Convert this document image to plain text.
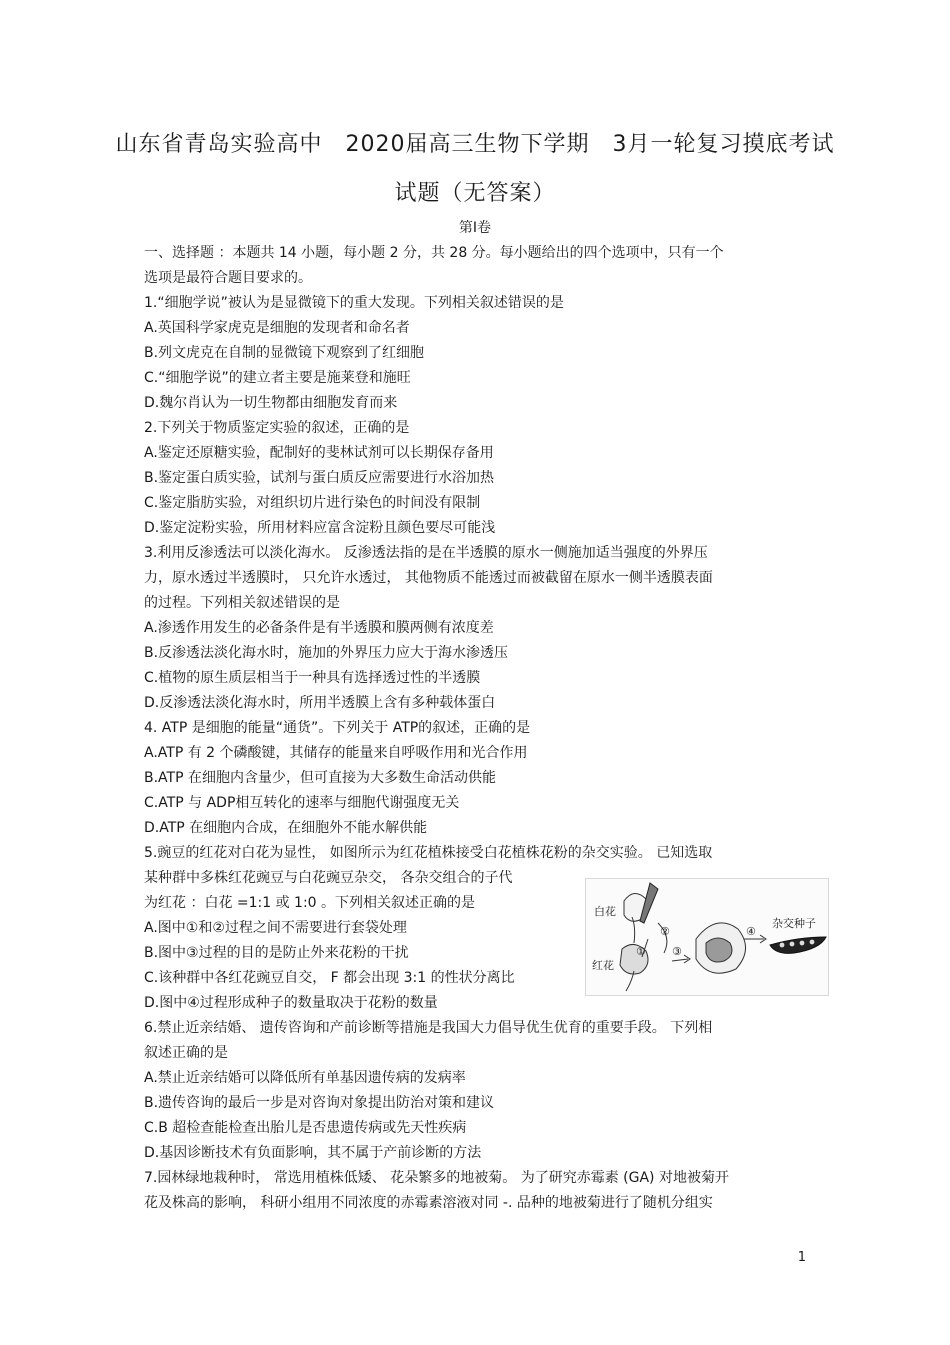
山东省青岛实验高中　2020届高三生物下学期　3月一轮复习摸底考试
试题（无答案）
第Ⅰ卷
一、选择题 ：本题共 14 小题，每小题 2 分，共 28 分。每小题给出的四个选项中，只有一个
选项是最符合题目要求的。
1.“细胞学说”被认为是显微镜下的重大发现。下列相关叙述错误的是
A.英国科学家虎克是细胞的发现者和命名者
B.列文虎克在自制的显微镜下观察到了红细胞
C.“细胞学说”的建立者主要是施莱登和施旺
D.魏尔肖认为一切生物都由细胞发育而来
2.下列关于物质鉴定实验的叙述，正确的是
A.鉴定还原糖实验，配制好的斐林试剂可以长期保存备用
B.鉴定蛋白质实验，试剂与蛋白质反应需要进行水浴加热
C.鉴定脂肪实验，对组织切片进行染色的时间没有限制
D.鉴定淀粉实验，所用材料应富含淀粉且颜色要尽可能浅
3.利用反渗透法可以淡化海水。 反渗透法指的是在半透膜的原水一侧施加适当强度的外界压
力，原水透过半透膜时， 只允许水透过， 其他物质不能透过而被截留在原水一侧半透膜表面
的过程。下列相关叙述错误的是
A.渗透作用发生的必备条件是有半透膜和膜两侧有浓度差
B.反渗透法淡化海水时，施加的外界压力应大于海水渗透压
C.植物的原生质层相当于一种具有选择透过性的半透膜
D.反渗透法淡化海水时，所用半透膜上含有多种载体蛋白
4. ATP 是细胞的能量“通货”。下列关于 ATP的叙述，正确的是
A.ATP 有 2 个磷酸键，其储存的能量来自呼吸作用和光合作用
B.ATP 在细胞内含量少，但可直接为大多数生命活动供能
C.ATP 与 ADP相互转化的速率与细胞代谢强度无关
D.ATP 在细胞内合成，在细胞外不能水解供能
5.豌豆的红花对白花为显性， 如图所示为红花植株接受白花植株花粉的杂交实验。 已知选取
某种群中多株红花豌豆与白花豌豆杂交， 各杂交组合的子代
为红花 ：白花 =1:1 或 1:0 。下列相关叙述正确的是
A.图中①和②过程之间不需要进行套袋处理
B.图中③过程的目的是防止外来花粉的干扰
C.该种群中各红花豌豆自交， F 都会出现 3:1 的性状分离比
D.图中④过程形成种子的数量取决于花粉的数量
6.禁止近亲结婚、 遗传咨询和产前诊断等措施是我国大力倡导优生优育的重要手段。 下列相
叙述正确的是
A.禁止近亲结婚可以降低所有单基因遗传病的发病率
B.遗传咨询的最后一步是对咨询对象提出防治对策和建议
C.B 超检查能检查出胎儿是否患遗传病或先天性疾病
D.基因诊断技术有负面影响，其不属于产前诊断的方法
7.园林绿地栽种时， 常选用植株低矮、 花朵繁多的地被菊。 为了研究赤霉素 (GA) 对地被菊开
花及株高的影响， 科研小组用不同浓度的赤霉素溶液对同 -. 品种的地被菊进行了随机分组实
白花
红花
杂交种子
①
②
③
④
1
